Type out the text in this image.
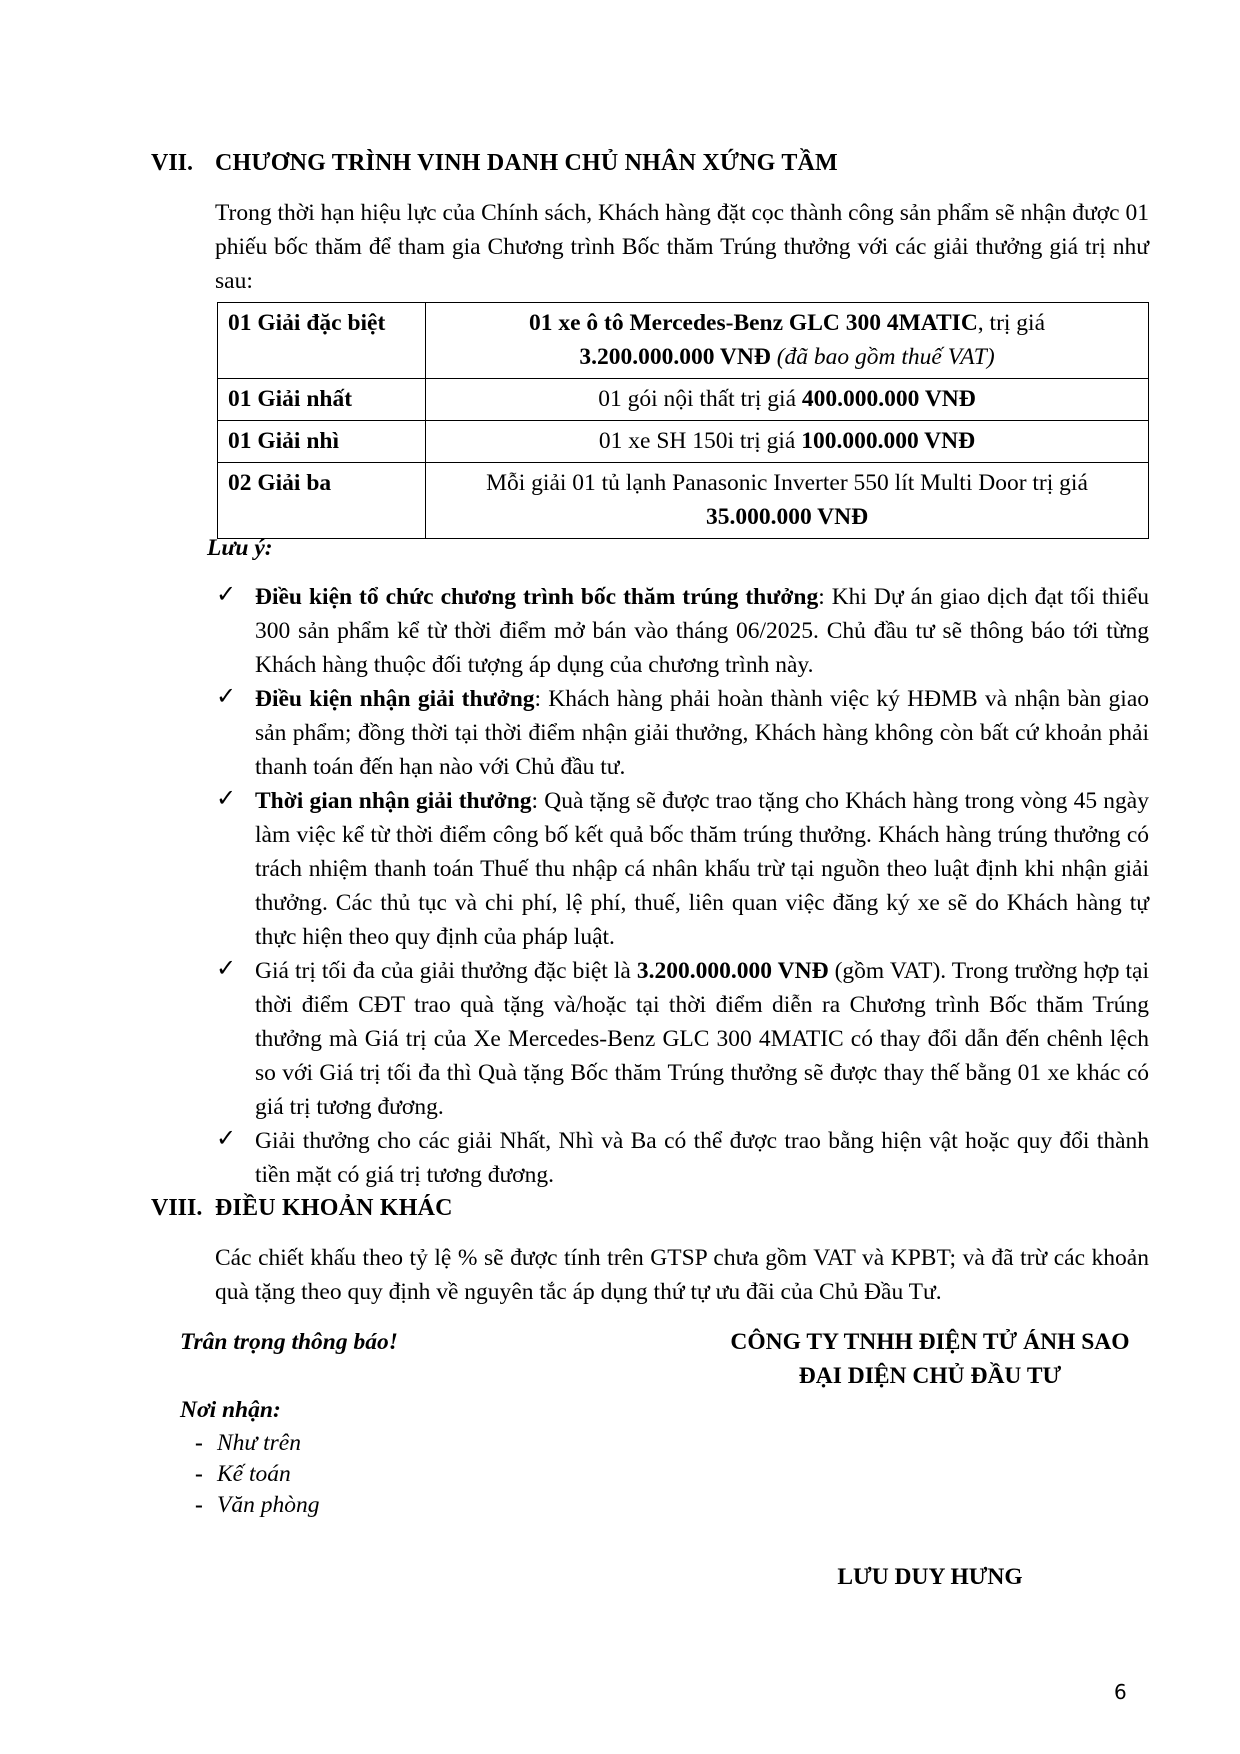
VII. CHƯƠNG TRÌNH VINH DANH CHỦ NHÂN XỨNG TẦM
Trong thời hạn hiệu lực của Chính sách, Khách hàng đặt cọc thành công sản phẩm sẽ nhận được 01 phiếu bốc thăm để tham gia Chương trình Bốc thăm Trúng thưởng với các giải thưởng giá trị như sau:
01 Giải đặc biệt	01 xe ô tô Mercedes-Benz GLC 300 4MATIC, trị giá
3.200.000.000 VNĐ (đã bao gồm thuế VAT)
01 Giải nhất	01 gói nội thất trị giá 400.000.000 VNĐ
01 Giải nhì	01 xe SH 150i trị giá 100.000.000 VNĐ
02 Giải ba	Mỗi giải 01 tủ lạnh Panasonic Inverter 550 lít Multi Door trị giá
35.000.000 VNĐ
Lưu ý:
✓ Điều kiện tổ chức chương trình bốc thăm trúng thưởng: Khi Dự án giao dịch đạt tối thiểu 300 sản phẩm kể từ thời điểm mở bán vào tháng 06/2025. Chủ đầu tư sẽ thông báo tới từng Khách hàng thuộc đối tượng áp dụng của chương trình này.
✓ Điều kiện nhận giải thưởng: Khách hàng phải hoàn thành việc ký HĐMB và nhận bàn giao sản phẩm; đồng thời tại thời điểm nhận giải thưởng, Khách hàng không còn bất cứ khoản phải thanh toán đến hạn nào với Chủ đầu tư.
✓ Thời gian nhận giải thưởng: Quà tặng sẽ được trao tặng cho Khách hàng trong vòng 45 ngày làm việc kể từ thời điểm công bố kết quả bốc thăm trúng thưởng. Khách hàng trúng thưởng có trách nhiệm thanh toán Thuế thu nhập cá nhân khấu trừ tại nguồn theo luật định khi nhận giải thưởng. Các thủ tục và chi phí, lệ phí, thuế, liên quan việc đăng ký xe sẽ do Khách hàng tự thực hiện theo quy định của pháp luật.
✓ Giá trị tối đa của giải thưởng đặc biệt là 3.200.000.000 VNĐ (gồm VAT). Trong trường hợp tại thời điểm CĐT trao quà tặng và/hoặc tại thời điểm diễn ra Chương trình Bốc thăm Trúng thưởng mà Giá trị của Xe Mercedes-Benz GLC 300 4MATIC có thay đổi dẫn đến chênh lệch so với Giá trị tối đa thì Quà tặng Bốc thăm Trúng thưởng sẽ được thay thế bằng 01 xe khác có giá trị tương đương.
✓ Giải thưởng cho các giải Nhất, Nhì và Ba có thể được trao bằng hiện vật hoặc quy đổi thành tiền mặt có giá trị tương đương.
VIII. ĐIỀU KHOẢN KHÁC
Các chiết khấu theo tỷ lệ % sẽ được tính trên GTSP chưa gồm VAT và KPBT; và đã trừ các khoản quà tặng theo quy định về nguyên tắc áp dụng thứ tự ưu đãi của Chủ Đầu Tư.
Trân trọng thông báo!	CÔNG TY TNHH ĐIỆN TỬ ÁNH SAO
ĐẠI DIỆN CHỦ ĐẦU TƯ
Nơi nhận:
- Như trên
- Kế toán
- Văn phòng
LƯU DUY HƯNG
6
